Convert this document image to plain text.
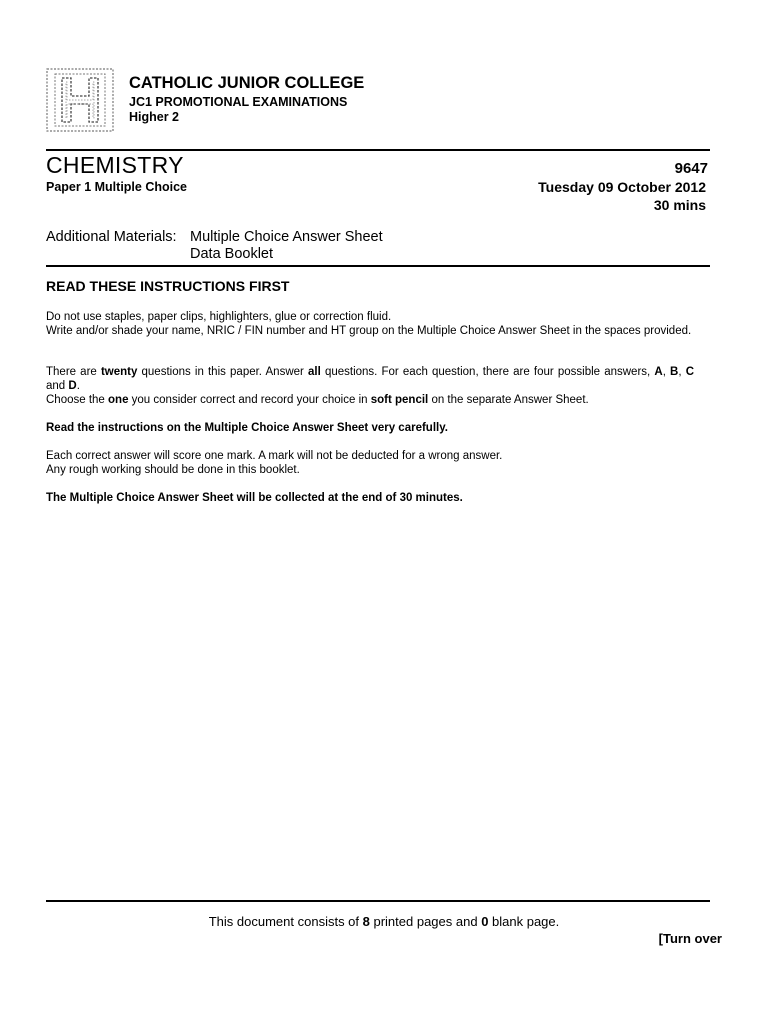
CATHOLIC JUNIOR COLLEGE
JC1 PROMOTIONAL EXAMINATIONS
Higher 2
CHEMISTRY
Paper 1 Multiple Choice
9647
Tuesday 09 October 2012
30 mins
Additional Materials: Multiple Choice Answer Sheet
Data Booklet
READ THESE INSTRUCTIONS FIRST
Do not use staples, paper clips, highlighters, glue or correction fluid.
Write and/or shade your name, NRIC / FIN number and HT group on the Multiple Choice Answer Sheet in the spaces provided.
There are twenty questions in this paper. Answer all questions. For each question, there are four possible answers, A, B, C and D.
Choose the one you consider correct and record your choice in soft pencil on the separate Answer Sheet.
Read the instructions on the Multiple Choice Answer Sheet very carefully.
Each correct answer will score one mark. A mark will not be deducted for a wrong answer.
Any rough working should be done in this booklet.
The Multiple Choice Answer Sheet will be collected at the end of 30 minutes.
This document consists of 8 printed pages and 0 blank page.
[Turn over
